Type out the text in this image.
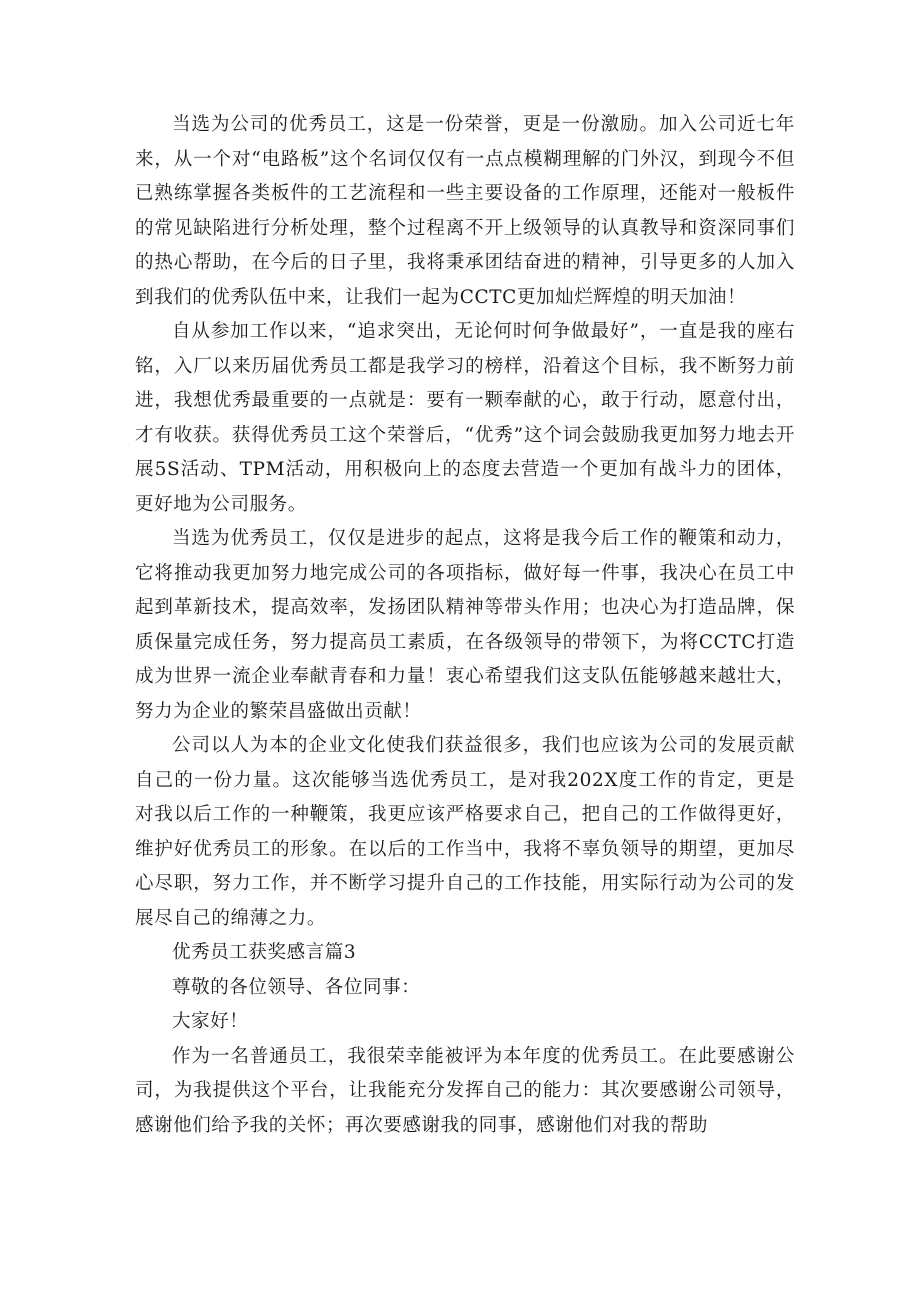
当选为公司的优秀员工，这是一份荣誉，更是一份激励。加入公司近七年来，从一个对“电路板”这个名词仅仅有一点点模糊理解的门外汉，到现今不但已熟练掌握各类板件的工艺流程和一些主要设备的工作原理，还能对一般板件的常见缺陷进行分析处理，整个过程离不开上级领导的认真教导和资深同事们的热心帮助，在今后的日子里，我将秉承团结奋进的精神，引导更多的人加入到我们的优秀队伍中来，让我们一起为CCTC更加灿烂辉煌的明天加油！

自从参加工作以来，“追求突出，无论何时何争做最好”，一直是我的座右铭，入厂以来历届优秀员工都是我学习的榜样，沿着这个目标，我不断努力前进，我想优秀最重要的一点就是：要有一颗奉献的心，敢于行动，愿意付出，才有收获。获得优秀员工这个荣誉后，“优秀”这个词会鼓励我更加努力地去开展5S活动、TPM活动，用积极向上的态度去营造一个更加有战斗力的团体，更好地为公司服务。

当选为优秀员工，仅仅是进步的起点，这将是我今后工作的鞭策和动力，它将推动我更加努力地完成公司的各项指标，做好每一件事，我决心在员工中起到革新技术，提高效率，发扬团队精神等带头作用；也决心为打造品牌，保质保量完成任务，努力提高员工素质，在各级领导的带领下，为将CCTC打造成为世界一流企业奉献青春和力量！衷心希望我们这支队伍能够越来越壮大，努力为企业的繁荣昌盛做出贡献！

公司以人为本的企业文化使我们获益很多，我们也应该为公司的发展贡献自己的一份力量。这次能够当选优秀员工，是对我202X度工作的肯定，更是对我以后工作的一种鞭策，我更应该严格要求自己，把自己的工作做得更好，维护好优秀员工的形象。在以后的工作当中，我将不辜负领导的期望，更加尽心尽职，努力工作，并不断学习提升自己的工作技能，用实际行动为公司的发展尽自己的绵薄之力。

优秀员工获奖感言篇3

尊敬的各位领导、各位同事：

大家好！

作为一名普通员工，我很荣幸能被评为本年度的优秀员工。在此要感谢公司，为我提供这个平台，让我能充分发挥自己的能力：其次要感谢公司领导，感谢他们给予我的关怀；再次要感谢我的同事，感谢他们对我的帮助
